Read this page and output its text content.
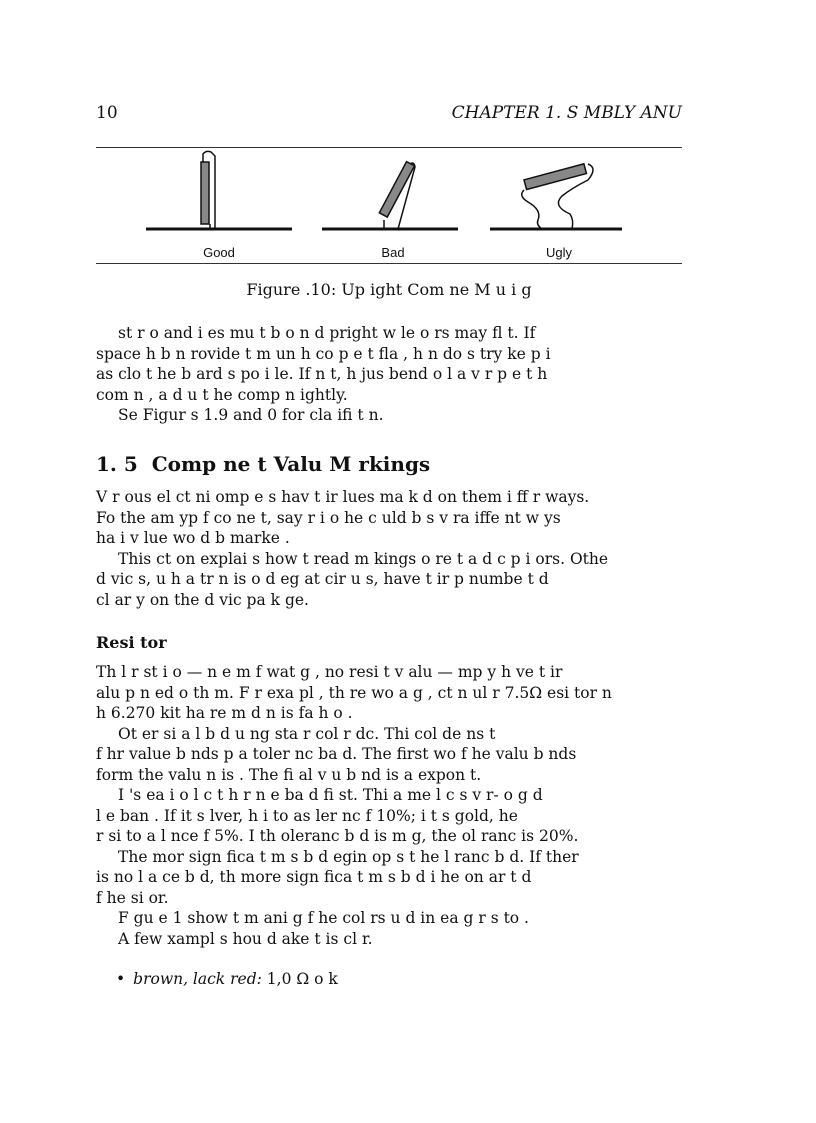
10	CHAPTER 1. S MBLY ANU
Good	Bad	Ugly
Figure .10: Up ight Com ne M u i g

st r o and i es mu t b o n d pright w le o rs may fl t. If
space h b n rovide t m un h co p e t fla , h n do s try ke p i
as clo t he b ard s po i le. If n t, h jus bend o l a v r p e t h
com n , a d u t he comp n ightly.

Se Figur s 1.9 and 0 for cla ifi t n.

1. 5 Comp ne t Valu M rkings

V r ous el ct ni omp e s hav t ir lues ma k d on them i ff r ways.
Fo the am yp f co ne t, say r i o he c uld b s v ra iffe nt w ys
ha i v lue wo d b marke .

This ct on explai s how t read m kings o re t a d c p i ors. Othe
d vic s, u h a tr n is o d eg at cir u s, have t ir p numbe t d
cl ar y on the d vic pa k ge.

Resi tor

Th l r st i o — n e m f wat g , no resi t v alu — mp y h ve t ir
alu p n ed o th m. F r exa pl , th re wo a g , ct n ul r 7.5Ω esi tor n
h 6.270 kit ha re m d n is fa h o .

Ot er si a l b d u ng sta r col r dc. Thi col de ns t
f hr value b nds p a toler nc ba d. The first wo f he valu b nds
form the valu n is . The fi al v u b nd is a expon t.

I 's ea i o l c t h r n e ba d fi st. Thi a me l c s v r- o g d
l e ban . If it s lver, h i to as ler nc f 10%; i t s gold, he
r si to a l nce f 5%. I th oleranc b d is m g, the ol ranc is 20%.

The mor sign fica t m s b d egin op s t he l ranc b d. If ther
is no l a ce b d, th more sign fica t m s b d i he on ar t d
f he si or.

F gu e 1 show t m ani g f he col rs u d in ea g r s to .

A few xampl s hou d ake t is cl r.

• brown, lack red: 1,0 Ω o k
